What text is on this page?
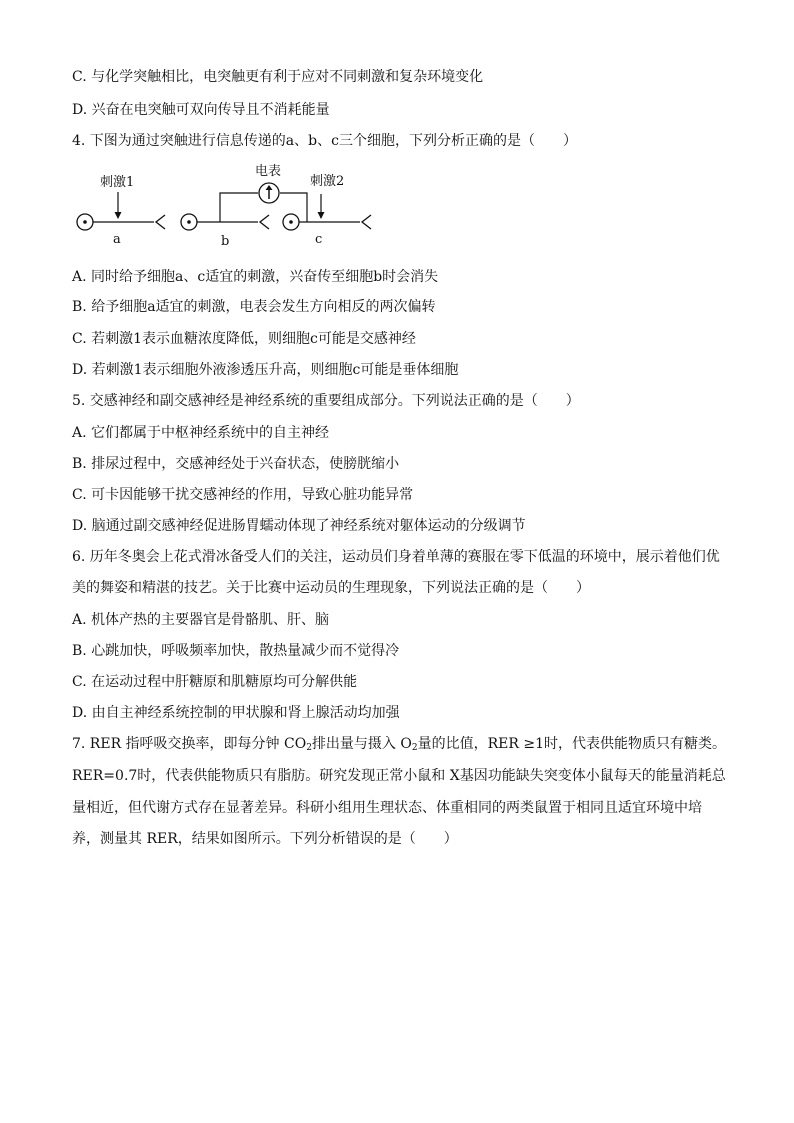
C. 与化学突触相比，电突触更有利于应对不同刺激和复杂环境变化
D. 兴奋在电突触可双向传导且不消耗能量
4. 下图为通过突触进行信息传递的a、b、c三个细胞，下列分析正确的是（　　）
刺激1
a	b	c
刺激2
电表
A. 同时给予细胞a、c适宜的刺激，兴奋传至细胞b时会消失
B. 给予细胞a适宜的刺激，电表会发生方向相反的两次偏转
C. 若刺激1表示血糖浓度降低，则细胞c可能是交感神经
D. 若刺激1表示细胞外液渗透压升高，则细胞c可能是垂体细胞
5. 交感神经和副交感神经是神经系统的重要组成部分。下列说法正确的是（　　）
A. 它们都属于中枢神经系统中的自主神经
B. 排尿过程中，交感神经处于兴奋状态，使膀胱缩小
C. 可卡因能够干扰交感神经的作用，导致心脏功能异常
D. 脑通过副交感神经促进肠胃蠕动体现了神经系统对躯体运动的分级调节
6. 历年冬奥会上花式滑冰备受人们的关注，运动员们身着单薄的赛服在零下低温的环境中，展示着他们优
美的舞姿和精湛的技艺。关于比赛中运动员的生理现象，下列说法正确的是（　　）
A. 机体产热的主要器官是骨骼肌、肝、脑
B. 心跳加快，呼吸频率加快，散热量减少而不觉得冷
C. 在运动过程中肝糖原和肌糖原均可分解供能
D. 由自主神经系统控制的甲状腺和肾上腺活动均加强
7. RER 指呼吸交换率，即每分钟 $CO_2$排出量与摄入 $O_2$量的比值，RER ≥1时，代表供能物质只有糖类。
RER=0.7时，代表供能物质只有脂肪。研究发现正常小鼠和 X基因功能缺失突变体小鼠每天的能量消耗总
量相近，但代谢方式存在显著差异。科研小组用生理状态、体重相同的两类鼠置于相同且适宜环境中培
养，测量其 RER，结果如图所示。下列分析错误的是（　　）
